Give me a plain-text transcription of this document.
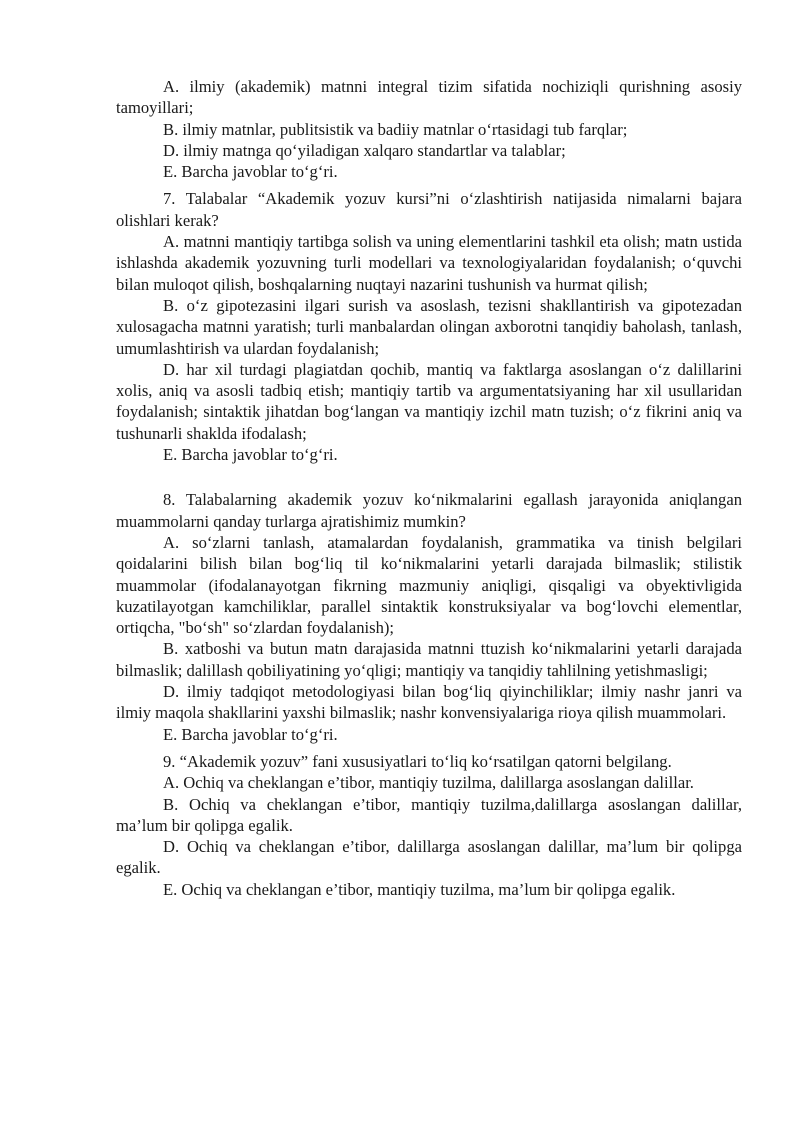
A. ilmiy (akademik) matnni integral tizim sifatida nochiziqli qurishning asosiy tamoyillari;

B. ilmiy matnlar, publitsistik va badiiy matnlar o‘rtasidagi tub farqlar;

D. ilmiy matnga qo‘yiladigan xalqaro standartlar va talablar;

E. Barcha javoblar to‘g‘ri.

7. Talabalar “Akademik yozuv kursi”ni o‘zlashtirish natijasida nimalarni bajara olishlari kerak?

A. matnni mantiqiy tartibga solish va uning elementlarini tashkil eta olish; matn ustida ishlashda akademik yozuvning turli modellari va texnologiyalaridan foydalanish; o‘quvchi bilan muloqot qilish, boshqalarning nuqtayi nazarini tushunish va hurmat qilish;

B. o‘z gipotezasini ilgari surish va asoslash, tezisni shakllantirish va gipotezadan xulosagacha matnni yaratish; turli manbalardan olingan axborotni tanqidiy baholash, tanlash, umumlashtirish va ulardan foydalanish;

D. har xil turdagi plagiatdan qochib, mantiq va faktlarga asoslangan o‘z dalillarini xolis, aniq va asosli tadbiq etish; mantiqiy tartib va argumentatsiyaning har xil usullaridan foydalanish; sintaktik jihatdan bog‘langan va mantiqiy izchil matn tuzish; o‘z fikrini aniq va tushunarli shaklda ifodalash;

E. Barcha javoblar to‘g‘ri.

8. Talabalarning akademik yozuv ko‘nikmalarini egallash jarayonida aniqlangan muammolarni qanday turlarga ajratishimiz mumkin?

A. so‘zlarni tanlash, atamalardan foydalanish, grammatika va tinish belgilari qoidalarini bilish bilan bog‘liq til ko‘nikmalarini yetarli darajada bilmaslik; stilistik muammolar (ifodalanayotgan fikrning mazmuniy aniqligi, qisqaligi va obyektivligida kuzatilayotgan kamchiliklar, parallel sintaktik konstruksiyalar va bog‘lovchi elementlar, ortiqcha, "bo‘sh" so‘zlardan foydalanish);

B. xatboshi va butun matn darajasida matnni ttuzish ko‘nikmalarini yetarli darajada bilmaslik; dalillash qobiliyatining yo‘qligi; mantiqiy va tanqidiy tahlilning yetishmasligi;

D. ilmiy tadqiqot metodologiyasi bilan bog‘liq qiyinchiliklar; ilmiy nashr janri va ilmiy maqola shakllarini yaxshi bilmaslik; nashr konvensiyalariga rioya qilish muammolari.

E. Barcha javoblar to‘g‘ri.

9. “Akademik yozuv” fani xususiyatlari to‘liq ko‘rsatilgan qatorni belgilang.

A. Ochiq va cheklangan e’tibor, mantiqiy tuzilma, dalillarga asoslangan dalillar.

B. Ochiq va cheklangan e’tibor, mantiqiy tuzilma,dalillarga asoslangan dalillar, ma’lum bir qolipga egalik.

D. Ochiq va cheklangan e’tibor, dalillarga asoslangan dalillar, ma’lum bir qolipga egalik.

E. Ochiq va cheklangan e’tibor, mantiqiy tuzilma, ma’lum bir qolipga egalik.
